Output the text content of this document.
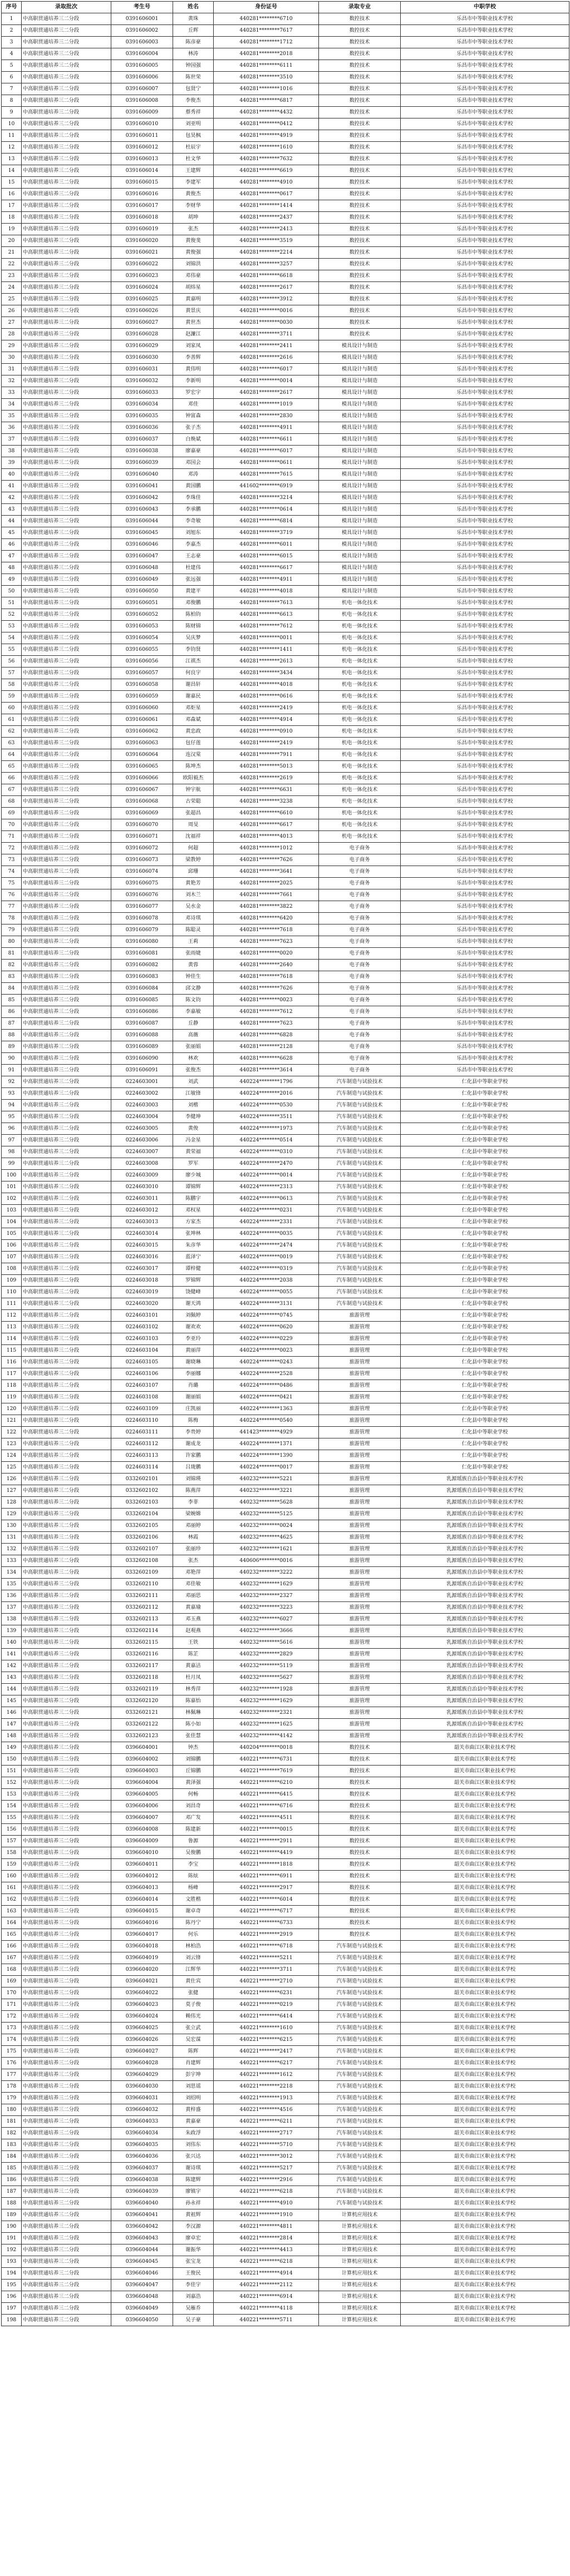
序号	录取批次	考生号	姓名	身份证号	录取专业	中职学校
1	中高职贯通培养三二分段	0391606001	黄珠	440281********6710	数控技术	乐昌市中等职业技术学校
2	中高职贯通培养三二分段	0391606002	丘辉	440281********7617	数控技术	乐昌市中等职业技术学校
3	中高职贯通培养三二分段	0391606003	陈彦豪	440281********1712	数控技术	乐昌市中等职业技术学校
4	中高职贯通培养三二分段	0391606004	林涛	440281********2018	数控技术	乐昌市中等职业技术学校
5	中高职贯通培养三二分段	0391606005	钟国强	440281********6111	数控技术	乐昌市中等职业技术学校
6	中高职贯通培养三二分段	0391606006	陈世荣	440281********3510	数控技术	乐昌市中等职业技术学校
7	中高职贯通培养三二分段	0391606007	包贤宁	440281********1016	数控技术	乐昌市中等职业技术学校
8	中高职贯通培养三二分段	0391606008	李俊杰	440281********6817	数控技术	乐昌市中等职业技术学校
9	中高职贯通培养三二分段	0391606009	蔡秀祥	440281********4432	数控技术	乐昌市中等职业技术学校
10	中高职贯通培养三二分段	0391606010	刘亚明	440281********0412	数控技术	乐昌市中等职业技术学校
11	中高职贯通培养三二分段	0391606011	包昊枫	440281********4919	数控技术	乐昌市中等职业技术学校
12	中高职贯通培养三二分段	0391606012	杜辰宇	440281********1610	数控技术	乐昌市中等职业技术学校
13	中高职贯通培养三二分段	0391606013	杜文华	440281********7632	数控技术	乐昌市中等职业技术学校
14	中高职贯通培养三二分段	0391606014	王建辉	440281********6619	数控技术	乐昌市中等职业技术学校
15	中高职贯通培养三二分段	0391606015	李建军	440281********4910	数控技术	乐昌市中等职业技术学校
16	中高职贯通培养三二分段	0391606016	黄俊杰	440281********0617	数控技术	乐昌市中等职业技术学校
17	中高职贯通培养三二分段	0391606017	李财华	440281********1414	数控技术	乐昌市中等职业技术学校
18	中高职贯通培养三二分段	0391606018	胡坤	440281********2437	数控技术	乐昌市中等职业技术学校
19	中高职贯通培养三二分段	0391606019	张杰	440281********2413	数控技术	乐昌市中等职业技术学校
20	中高职贯通培养三二分段	0391606020	黄俊斐	440281********3519	数控技术	乐昌市中等职业技术学校
21	中高职贯通培养三二分段	0391606021	黄俊强	440281********2214	数控技术	乐昌市中等职业技术学校
22	中高职贯通培养三二分段	0391606022	刘锦洪	440281********3257	数控技术	乐昌市中等职业技术学校
23	中高职贯通培养三二分段	0391606023	邓伟豪	440281********6618	数控技术	乐昌市中等职业技术学校
24	中高职贯通培养三二分段	0391606024	胡炜星	440281********2617	数控技术	乐昌市中等职业技术学校
25	中高职贯通培养三二分段	0391606025	黄嘉明	440281********3912	数控技术	乐昌市中等职业技术学校
26	中高职贯通培养三二分段	0391606026	黄景庆	440281********0016	数控技术	乐昌市中等职业技术学校
27	中高职贯通培养三二分段	0391606027	黄世杰	440281********0030	数控技术	乐昌市中等职业技术学校
28	中高职贯通培养三二分段	0391606028	赵濂江	440281********3711	数控技术	乐昌市中等职业技术学校
29	中高职贯通培养三二分段	0391606029	刘家凤	440281********2411	模具设计与制造	乐昌市中等职业技术学校
30	中高职贯通培养三二分段	0391606030	李善辉	440281********2616	模具设计与制造	乐昌市中等职业技术学校
31	中高职贯通培养三二分段	0391606031	黄伟明	440281********6017	模具设计与制造	乐昌市中等职业技术学校
32	中高职贯通培养三二分段	0391606032	李新明	440281********0014	模具设计与制造	乐昌市中等职业技术学校
33	中高职贯通培养三二分段	0391606033	罗宏宇	440281********2617	模具设计与制造	乐昌市中等职业技术学校
34	中高职贯通培养三二分段	0391606034	邓佳	440281********1019	模具设计与制造	乐昌市中等职业技术学校
35	中高职贯通培养三二分段	0391606035	钟富森	440281********2830	模具设计与制造	乐昌市中等职业技术学校
36	中高职贯通培养三二分段	0391606036	张子杰	440281********4911	模具设计与制造	乐昌市中等职业技术学校
37	中高职贯通培养三二分段	0391606037	白焕斌	440281********6611	模具设计与制造	乐昌市中等职业技术学校
38	中高职贯通培养三二分段	0391606038	廖嘉豪	440281********6017	模具设计与制造	乐昌市中等职业技术学校
39	中高职贯通培养三二分段	0391606039	邓国会	440281********0611	模具设计与制造	乐昌市中等职业技术学校
40	中高职贯通培养三二分段	0391606040	邓涛	440281********7615	模具设计与制造	乐昌市中等职业技术学校
41	中高职贯通培养三二分段	0391606041	黄国鹏	441602********6919	模具设计与制造	乐昌市中等职业技术学校
42	中高职贯通培养三二分段	0391606042	李珠佳	440281********3214	模具设计与制造	乐昌市中等职业技术学校
43	中高职贯通培养三二分段	0391606043	李承鹏	440281********0614	模具设计与制造	乐昌市中等职业技术学校
44	中高职贯通培养三二分段	0391606044	李奇敏	440281********6814	模具设计与制造	乐昌市中等职业技术学校
45	中高职贯通培养三二分段	0391606045	刘旭东	440281********3719	模具设计与制造	乐昌市中等职业技术学校
46	中高职贯通培养三二分段	0391606046	李嘉杰	440281********6011	模具设计与制造	乐昌市中等职业技术学校
47	中高职贯通培养三二分段	0391606047	王志豪	440281********6015	模具设计与制造	乐昌市中等职业技术学校
48	中高职贯通培养三二分段	0391606048	杜建伟	440281********6617	模具设计与制造	乐昌市中等职业技术学校
49	中高职贯通培养三二分段	0391606049	张远强	440281********4911	模具设计与制造	乐昌市中等职业技术学校
50	中高职贯通培养三二分段	0391606050	黄建平	440281********4018	模具设计与制造	乐昌市中等职业技术学校
51	中高职贯通培养三二分段	0391606051	邓俊鹏	440281********7613	机电一体化技术	乐昌市中等职业技术学校
52	中高职贯通培养三二分段	0391606052	陈柏钧	440281********6613	机电一体化技术	乐昌市中等职业技术学校
53	中高职贯通培养三二分段	0391606053	陈财锦	440281********7612	机电一体化技术	乐昌市中等职业技术学校
54	中高职贯通培养三二分段	0391606054	吴庆梦	440281********0011	机电一体化技术	乐昌市中等职业技术学校
55	中高职贯通培养三二分段	0391606055	李钧贤	440281********1411	机电一体化技术	乐昌市中等职业技术学校
56	中高职贯通培养三二分段	0391606056	江祺杰	440281********2613	机电一体化技术	乐昌市中等职业技术学校
57	中高职贯通培养三二分段	0391606057	何良宇	440281********3434	机电一体化技术	乐昌市中等职业技术学校
58	中高职贯通培养三二分段	0391606058	谢昌轩	440281********4018	机电一体化技术	乐昌市中等职业技术学校
59	中高职贯通培养三二分段	0391606059	谢嘉民	440281********0616	机电一体化技术	乐昌市中等职业技术学校
60	中高职贯通培养三二分段	0391606060	邓炬星	440281********2419	机电一体化技术	乐昌市中等职业技术学校
61	中高职贯通培养三二分段	0391606061	邓森斌	440281********4914	机电一体化技术	乐昌市中等职业技术学校
62	中高职贯通培养三二分段	0391606062	黄忠政	440281********0910	机电一体化技术	乐昌市中等职业技术学校
63	中高职贯通培养三二分段	0391606063	包仔莲	440281********2419	机电一体化技术	乐昌市中等职业技术学校
64	中高职贯通培养三二分段	0391606064	连汉棠	440281********7911	机电一体化技术	乐昌市中等职业技术学校
65	中高职贯通培养三二分段	0391606065	陈坤杰	440281********5013	机电一体化技术	乐昌市中等职业技术学校
66	中高职贯通培养三二分段	0391606066	欧阳毅杰	440281********2619	机电一体化技术	乐昌市中等职业技术学校
67	中高职贯通培养三二分段	0391606067	钟宇航	440281********6631	机电一体化技术	乐昌市中等职业技术学校
68	中高职贯通培养三二分段	0391606068	古荣聪	440281********3238	机电一体化技术	乐昌市中等职业技术学校
69	中高职贯通培养三二分段	0391606069	张超昌	440281********6610	机电一体化技术	乐昌市中等职业技术学校
70	中高职贯通培养三二分段	0391606070	周旻	440281********6617	机电一体化技术	乐昌市中等职业技术学校
71	中高职贯通培养三二分段	0391606071	沈福祥	440281********4013	机电一体化技术	乐昌市中等职业技术学校
72	中高职贯通培养三二分段	0391606072	何超	440281********1012	电子商务	乐昌市中等职业技术学校
73	中高职贯通培养三二分段	0391606073	梁教婷	440281********7626	电子商务	乐昌市中等职业技术学校
74	中高职贯通培养三二分段	0391606074	邱珊	440281********3641	电子商务	乐昌市中等职业技术学校
75	中高职贯通培养三二分段	0391606075	黄艳芳	440281********2025	电子商务	乐昌市中等职业技术学校
76	中高职贯通培养三二分段	0391606076	刘木兰	440281********7661	电子商务	乐昌市中等职业技术学校
77	中高职贯通培养三二分段	0391606077	吴水金	440281********3822	电子商务	乐昌市中等职业技术学校
78	中高职贯通培养三二分段	0391606078	邓诗琪	440281********6420	电子商务	乐昌市中等职业技术学校
79	中高职贯通培养三二分段	0391606079	陈聪灵	440281********7618	电子商务	乐昌市中等职业技术学校
80	中高职贯通培养三二分段	0391606080	王莉	440281********7623	电子商务	乐昌市中等职业技术学校
81	中高职贯通培养三二分段	0391606081	张雨婕	440281********0020	电子商务	乐昌市中等职业技术学校
82	中高职贯通培养三二分段	0391606082	黄蓉	440281********2640	电子商务	乐昌市中等职业技术学校
83	中高职贯通培养三二分段	0391606083	钟佳生	440281********7618	电子商务	乐昌市中等职业技术学校
84	中高职贯通培养三二分段	0391606084	邱文静	440281********7626	电子商务	乐昌市中等职业技术学校
85	中高职贯通培养三二分段	0391606085	陈文钧	440281********0023	电子商务	乐昌市中等职业技术学校
86	中高职贯通培养三二分段	0391606086	李嘉敏	440281********7612	电子商务	乐昌市中等职业技术学校
87	中高职贯通培养三二分段	0391606087	丘静	440281********7623	电子商务	乐昌市中等职业技术学校
88	中高职贯通培养三二分段	0391606088	高薇	440281********6828	电子商务	乐昌市中等职业技术学校
89	中高职贯通培养三二分段	0391606089	张丽娟	440281********2128	电子商务	乐昌市中等职业技术学校
90	中高职贯通培养三二分段	0391606090	林欢	440281********6628	电子商务	乐昌市中等职业技术学校
91	中高职贯通培养三二分段	0391606091	张俊杰	440281********3614	电子商务	乐昌市中等职业技术学校
92	中高职贯通培养三二分段	0224603001	刘武	440224********1796	汽车制造与试验技术	仁化县中等职业学校
93	中高职贯通培养三二分段	0224603002	江敏锋	440224********2016	汽车制造与试验技术	仁化县中等职业学校
94	中高职贯通培养三二分段	0224603003	刘楷	440224********0530	汽车制造与试验技术	仁化县中等职业学校
95	中高职贯通培养三二分段	0224603004	李健坤	440224********3511	汽车制造与试验技术	仁化县中等职业学校
96	中高职贯通培养三二分段	0224603005	黄俊	440224********1973	汽车制造与试验技术	仁化县中等职业学校
97	中高职贯通培养三二分段	0224603006	冯金星	440224********0514	汽车制造与试验技术	仁化县中等职业学校
98	中高职贯通培养三二分段	0224603007	黄荣福	440224********0310	汽车制造与试验技术	仁化县中等职业学校
99	中高职贯通培养三二分段	0224603008	罗军	440224********2470	汽车制造与试验技术	仁化县中等职业学校
100	中高职贯通培养三二分段	0224603009	廖少城	440224********0014	汽车制造与试验技术	仁化县中等职业学校
101	中高职贯通培养三二分段	0224603010	谭锦辉	440224********2313	汽车制造与试验技术	仁化县中等职业学校
102	中高职贯通培养三二分段	0224603011	陈鹏宇	440224********0613	汽车制造与试验技术	仁化县中等职业学校
103	中高职贯通培养三二分段	0224603012	邓权星	440224********0231	汽车制造与试验技术	仁化县中等职业学校
104	中高职贯通培养三二分段	0224603013	方家杰	440224********2331	汽车制造与试验技术	仁化县中等职业学校
105	中高职贯通培养三二分段	0224603014	张坤林	440224********0035	汽车制造与试验技术	仁化县中等职业学校
106	中高职贯通培养三二分段	0224603015	朱彦华	440224********2474	汽车制造与试验技术	仁化县中等职业学校
107	中高职贯通培养三二分段	0224603016	蓝泽宁	440224********0019	汽车制造与试验技术	仁化县中等职业学校
108	中高职贯通培养三二分段	0224603017	谭梓健	440224********0319	汽车制造与试验技术	仁化县中等职业学校
109	中高职贯通培养三二分段	0224603018	罗锦辉	440224********2038	汽车制造与试验技术	仁化县中等职业学校
110	中高职贯通培养三二分段	0224603019	饶健峰	440224********0055	汽车制造与试验技术	仁化县中等职业学校
111	中高职贯通培养三二分段	0224603020	谢天鸿	440224********3131	汽车制造与试验技术	仁化县中等职业学校
112	中高职贯通培养三二分段	0224603101	刘佩婷	440224********0745	旅游管理	仁化县中等职业学校
113	中高职贯通培养三二分段	0224603102	谢欢欢	440224********0620	旅游管理	仁化县中等职业学校
114	中高职贯通培养三二分段	0224603103	李亚玲	440224********0229	旅游管理	仁化县中等职业学校
115	中高职贯通培养三二分段	0224603104	黄丽萍	440224********0023	旅游管理	仁化县中等职业学校
116	中高职贯通培养三二分段	0224603105	谢晓琳	440224********0243	旅游管理	仁化县中等职业学校
117	中高职贯通培养三二分段	0224603106	李丽娜	440224********2528	旅游管理	仁化县中等职业学校
118	中高职贯通培养三二分段	0224603107	肖璐	440224********0486	旅游管理	仁化县中等职业学校
119	中高职贯通培养三二分段	0224603108	谢丽娟	440224********0421	旅游管理	仁化县中等职业学校
120	中高职贯通培养三二分段	0224603109	庄凯丽	440224********1363	旅游管理	仁化县中等职业学校
121	中高职贯通培养三二分段	0224603110	陈梅	440224********0540	旅游管理	仁化县中等职业学校
122	中高职贯通培养三二分段	0224603111	李贵婷	441423********4929	旅游管理	仁化县中等职业学校
123	中高职贯通培养三二分段	0224603112	谢成龙	440224********1371	旅游管理	仁化县中等职业学校
124	中高职贯通培养三二分段	0224603113	许家鹏	440224********1390	旅游管理	仁化县中等职业学校
125	中高职贯通培养三二分段	0224603114	吕珑鹏	440224********0017	旅游管理	仁化县中等职业学校
126	中高职贯通培养三二分段	0332602101	刘锦瑛	440232********5221	旅游管理	乳源瑶族自治县中等职业技术学校
127	中高职贯通培养三二分段	0332602102	陈燕萍	440232********3221	旅游管理	乳源瑶族自治县中等职业技术学校
128	中高职贯通培养三二分段	0332602103	李菲	440232********5628	旅游管理	乳源瑶族自治县中等职业技术学校
129	中高职贯通培养三二分段	0332602104	梁婉嫦	440232********5125	旅游管理	乳源瑶族自治县中等职业技术学校
130	中高职贯通培养三二分段	0332602105	邓丽婷	440232********0024	旅游管理	乳源瑶族自治县中等职业技术学校
131	中高职贯通培养三二分段	0332602106	林霞	440232********4625	旅游管理	乳源瑶族自治县中等职业技术学校
132	中高职贯通培养三二分段	0332602107	张丽珍	440232********1621	旅游管理	乳源瑶族自治县中等职业技术学校
133	中高职贯通培养三二分段	0332602108	张杰	440606********0016	旅游管理	乳源瑶族自治县中等职业技术学校
134	中高职贯通培养三二分段	0332602109	邓艳萍	440232********3222	旅游管理	乳源瑶族自治县中等职业技术学校
135	中高职贯通培养三二分段	0332602110	邓佳敏	440232********1629	旅游管理	乳源瑶族自治县中等职业技术学校
136	中高职贯通培养三二分段	0332602111	邓丽思	440232********2327	旅游管理	乳源瑶族自治县中等职业技术学校
137	中高职贯通培养三二分段	0332602112	黄嘉瑜	440232********3223	旅游管理	乳源瑶族自治县中等职业技术学校
138	中高职贯通培养三二分段	0332602113	邓玉燕	440232********6027	旅游管理	乳源瑶族自治县中等职业技术学校
139	中高职贯通培养三二分段	0332602114	赵观燕	440232********3666	旅游管理	乳源瑶族自治县中等职业技术学校
140	中高职贯通培养三二分段	0332602115	王铁	440232********5616	旅游管理	乳源瑶族自治县中等职业技术学校
141	中高职贯通培养三二分段	0332602116	陈芷	440232********2829	旅游管理	乳源瑶族自治县中等职业技术学校
142	中高职贯通培养三二分段	0332602117	黄嘉洁	440232********5119	旅游管理	乳源瑶族自治县中等职业技术学校
143	中高职贯通培养三二分段	0332602118	杜月凤	440232********5627	旅游管理	乳源瑶族自治县中等职业技术学校
144	中高职贯通培养三二分段	0332602119	林秀萍	440232********1928	旅游管理	乳源瑶族自治县中等职业技术学校
145	中高职贯通培养三二分段	0332602120	陈嘉怡	440232********1629	旅游管理	乳源瑶族自治县中等职业技术学校
146	中高职贯通培养三二分段	0332602121	林佩琳	440232********2321	旅游管理	乳源瑶族自治县中等职业技术学校
147	中高职贯通培养三二分段	0332602122	陈小如	440232********1625	旅游管理	乳源瑶族自治县中等职业技术学校
148	中高职贯通培养三二分段	0332602123	张佳慧	440232********4142	旅游管理	乳源瑶族自治县中等职业技术学校
149	中高职贯通培养三二分段	0396604001	钟杰	440204********0018	数控技术	韶关市曲江区职业技术学校
150	中高职贯通培养三二分段	0396604002	刘锦鹏	440221********6731	数控技术	韶关市曲江区职业技术学校
151	中高职贯通培养三二分段	0396604003	丘锦鹏	440221********7619	数控技术	韶关市曲江区职业技术学校
152	中高职贯通培养三二分段	0396604004	黄泽强	440221********6210	数控技术	韶关市曲江区职业技术学校
153	中高职贯通培养三二分段	0396604005	何畅	440221********6415	数控技术	韶关市曲江区职业技术学校
154	中高职贯通培养三二分段	0396604006	刘昌奇	440221********6716	数控技术	韶关市曲江区职业技术学校
155	中高职贯通培养三二分段	0396604007	邓广发	440221********4511	数控技术	韶关市曲江区职业技术学校
156	中高职贯通培养三二分段	0396604008	陈建新	440221********0015	数控技术	韶关市曲江区职业技术学校
157	中高职贯通培养三二分段	0396604009	鲁源	440221********2911	数控技术	韶关市曲江区职业技术学校
158	中高职贯通培养三二分段	0396604010	吴俊鹏	440221********4419	数控技术	韶关市曲江区职业技术学校
159	中高职贯通培养三二分段	0396604011	李宝	440221********1818	数控技术	韶关市曲江区职业技术学校
160	中高职贯通培养三二分段	0396604012	陈炫	440221********6911	数控技术	韶关市曲江区职业技术学校
161	中高职贯通培养三二分段	0396604013	杨峰	440221********2917	数控技术	韶关市曲江区职业技术学校
162	中高职贯通培养三二分段	0396604014	文胜楷	440221********6014	数控技术	韶关市曲江区职业技术学校
163	中高职贯通培养三二分段	0396604015	谢卓奇	440221********6717	数控技术	韶关市曲江区职业技术学校
164	中高职贯通培养三二分段	0396604016	陈丹宁	440221********6733	数控技术	韶关市曲江区职业技术学校
165	中高职贯通培养三二分段	0396604017	何乐	440221********2919	数控技术	韶关市曲江区职业技术学校
166	中高职贯通培养三二分段	0396604018	林柏浩	440221********6718	汽车制造与试验技术	韶关市曲江区职业技术学校
167	中高职贯通培养三二分段	0396604019	刘云锋	440221********5211	汽车制造与试验技术	韶关市曲江区职业技术学校
168	中高职贯通培养三二分段	0396604020	江辉华	440221********3711	汽车制造与试验技术	韶关市曲江区职业技术学校
169	中高职贯通培养三二分段	0396604021	黄仕宾	440221********2710	汽车制造与试验技术	韶关市曲江区职业技术学校
170	中高职贯通培养三二分段	0396604022	张健	440221********6231	汽车制造与试验技术	韶关市曲江区职业技术学校
171	中高职贯通培养三二分段	0396604023	莫子俊	440221********0219	汽车制造与试验技术	韶关市曲江区职业技术学校
172	中高职贯通培养三二分段	0396604024	赖伟光	440221********6414	汽车制造与试验技术	韶关市曲江区职业技术学校
173	中高职贯通培养三二分段	0396604025	张立武	440221********1610	汽车制造与试验技术	韶关市曲江区职业技术学校
174	中高职贯通培养三二分段	0396604026	吴宏谋	440221********6215	汽车制造与试验技术	韶关市曲江区职业技术学校
175	中高职贯通培养三二分段	0396604027	陈辉	440221********2417	汽车制造与试验技术	韶关市曲江区职业技术学校
176	中高职贯通培养三二分段	0396604028	肖建辉	440221********6217	汽车制造与试验技术	韶关市曲江区职业技术学校
177	中高职贯通培养三二分段	0396604029	彭宇坤	440221********1612	汽车制造与试验技术	韶关市曲江区职业技术学校
178	中高职贯通培养三二分段	0396604030	刘思谣	440221********2218	汽车制造与试验技术	韶关市曲江区职业技术学校
179	中高职贯通培养三二分段	0396604031	刘绍明	440221********1913	汽车制造与试验技术	韶关市曲江区职业技术学校
180	中高职贯通培养三二分段	0396604032	黄梓盛	440221********4516	汽车制造与试验技术	韶关市曲江区职业技术学校
181	中高职贯通培养三二分段	0396604033	黄嘉豪	440221********6211	汽车制造与试验技术	韶关市曲江区职业技术学校
182	中高职贯通培养三二分段	0396604034	朱政浮	440221********2717	汽车制造与试验技术	韶关市曲江区职业技术学校
183	中高职贯通培养三二分段	0396604035	刘伟东	440221********5710	汽车制造与试验技术	韶关市曲江区职业技术学校
184	中高职贯通培养三二分段	0396604036	张兴达	440221********3012	汽车制造与试验技术	韶关市曲江区职业技术学校
185	中高职贯通培养三二分段	0396604037	谢诗琪	440221********5217	汽车制造与试验技术	韶关市曲江区职业技术学校
186	中高职贯通培养三二分段	0396604038	陈建辉	440221********2916	汽车制造与试验技术	韶关市曲江区职业技术学校
187	中高职贯通培养三二分段	0396604039	廖镇宇	440221********6218	汽车制造与试验技术	韶关市曲江区职业技术学校
188	中高职贯通培养三二分段	0396604040	孙永祥	440221********4910	汽车制造与试验技术	韶关市曲江区职业技术学校
189	中高职贯通培养三二分段	0396604041	黄祖辉	440221********1910	计算机应用技术	韶关市曲江区职业技术学校
190	中高职贯通培养三二分段	0396604042	李汉源	440221********4811	计算机应用技术	韶关市曲江区职业技术学校
191	中高职贯通培养三二分段	0396604043	廖卓宏	440221********2814	计算机应用技术	韶关市曲江区职业技术学校
192	中高职贯通培养三二分段	0396604044	谢振华	440221********4413	计算机应用技术	韶关市曲江区职业技术学校
193	中高职贯通培养三二分段	0396604045	张宝龙	440221********6218	计算机应用技术	韶关市曲江区职业技术学校
194	中高职贯通培养三二分段	0396604046	王俊民	440221********4914	计算机应用技术	韶关市曲江区职业技术学校
195	中高职贯通培养三二分段	0396604047	李佳宇	440221********2112	计算机应用技术	韶关市曲江区职业技术学校
196	中高职贯通培养三二分段	0396604048	刘嘉浩	440221********6914	计算机应用技术	韶关市曲江区职业技术学校
197	中高职贯通培养三二分段	0396604049	吴雁乔	440221********4118	计算机应用技术	韶关市曲江区职业技术学校
198	中高职贯通培养三二分段	0396604050	吴子豪	440221********5711	计算机应用技术	韶关市曲江区职业技术学校
